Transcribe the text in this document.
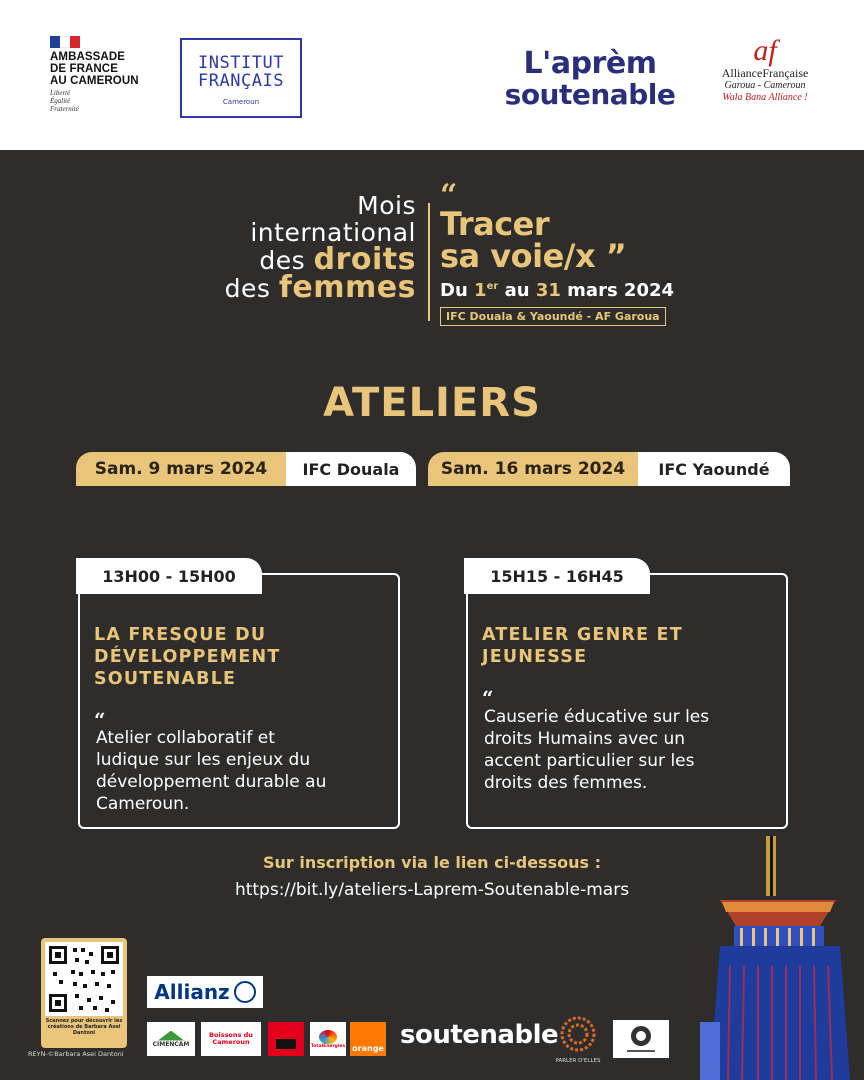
AMBASSADE
DE FRANCE
AU CAMEROUN
Liberté
Égalité
Fraternité
INSTITUT
FRANÇAIS
Cameroun
L'aprèm
soutenable
af
AllianceFrançaise
Garoua - Cameroun
Wala Bana Alliance !
Mois
international
des droits
des femmes
“
Tracer
sa voie/x ”
Du 1er au 31 mars 2024
IFC Douala & Yaoundé - AF Garoua
ATELIERS
Sam. 9 mars 2024	IFC Douala	Sam. 16 mars 2024	IFC Yaoundé
13H00 - 15H00
LA FRESQUE DU
DÉVELOPPEMENT
SOUTENABLE
“
Atelier collaboratif et
ludique sur les enjeux du
développement durable au
Cameroun.
15H15 - 16H45
ATELIER GENRE ET
JEUNESSE
“
Causerie éducative sur les
droits Humains avec un
accent particulier sur les
droits des femmes.
Sur inscription via le lien ci-dessous :
https://bit.ly/ateliers-Laprem-Soutenable-mars
Scannez pour découvrir les créations de Barbara Asei Dantoni
REYN-©Barbara Asei Dantoni
Allianz
CIMENCAM
Boissons du Cameroun	TotalEnergies orange soutenable
PARLER D'ELLES
